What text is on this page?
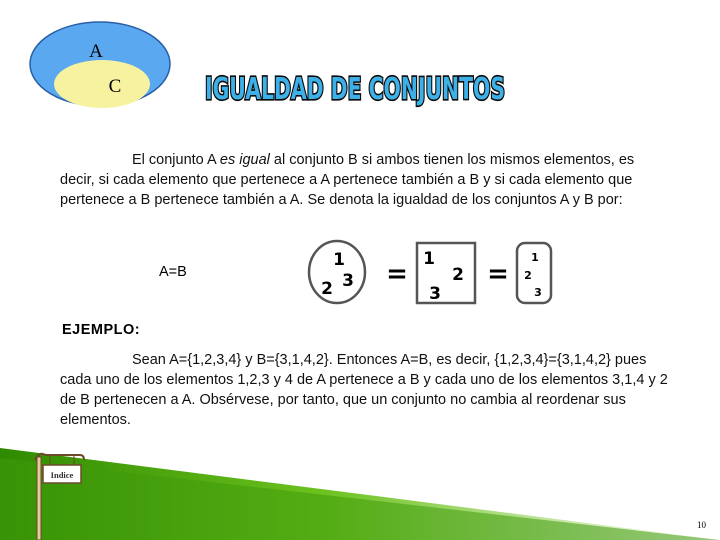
A
C	IGUALDAD DE CONJUNTOS
El conjunto A es igual al conjunto B si ambos tienen los mismos elementos, es decir, si cada elemento que pertenece a A pertenece también a B y si cada elemento que pertenece a B pertenece también a A. Se denota la igualdad de los conjuntos A y B por:
A=B
1
2 3 = 1
2
3
=
1
2
3
EJEMPLO:
Sean A={1,2,3,4} y B={3,1,4,2}. Entonces A=B, es decir, {1,2,3,4}={3,1,4,2} pues cada uno de los elementos 1,2,3 y 4 de A pertenece a B y cada uno de los elementos 3,1,4 y 2 de B pertenecen a A. Obsérvese, por tanto, que un conjunto no cambia al reordenar sus elementos.
Indice
10
